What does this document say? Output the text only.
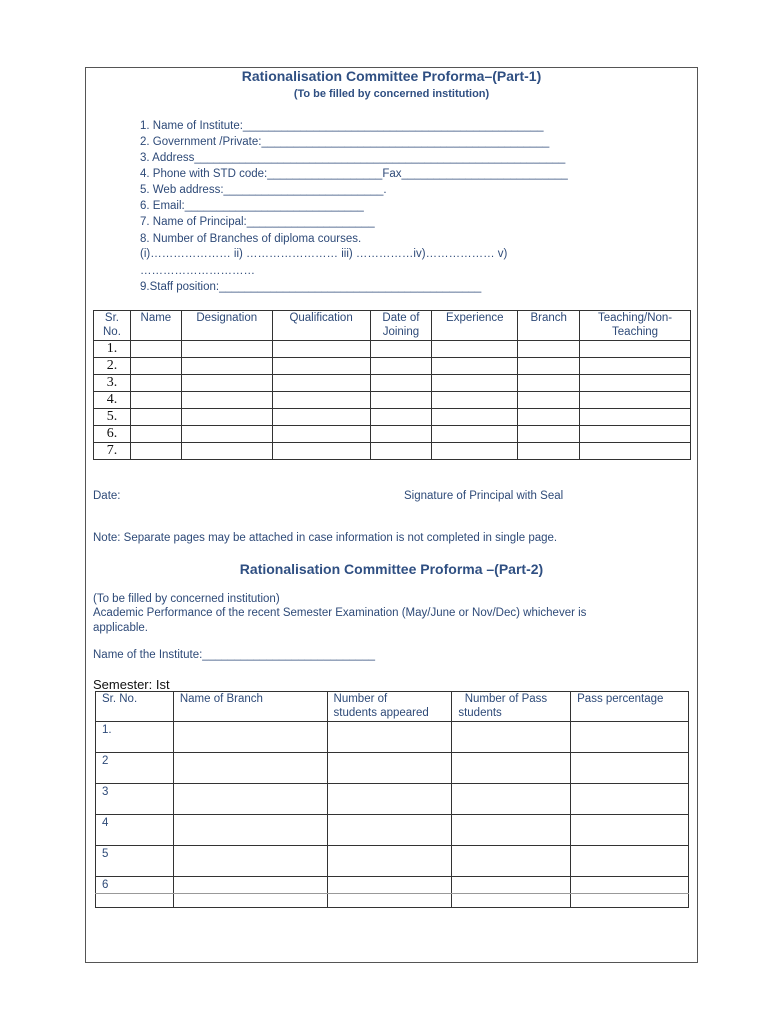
Rationalisation Committee Proforma–(Part-1)
(To be filled by concerned institution)
1. Name of Institute:_______________________________________________
2. Government /Private:_____________________________________________
3. Address__________________________________________________________
4. Phone with STD code:__________________Fax__________________________
5. Web address:_________________________.
6. Email:____________________________
7. Name of Principal:____________________
8. Number of Branches of diploma courses.
(i)………………… ii) …………………… iii) ……………iv)……………… v)
…………………………
9.Staff position:_________________________________________
Sr.
No.	Name	Designation	Qualification	Date of
Joining	Experience	Branch	Teaching/Non-
Teaching
1.							
2.							
3.							
4.							
5.							
6.							
7.							
Date:	Signature of Principal with Seal
Note: Separate pages may be attached in case information is not completed in single page.
Rationalisation Committee Proforma –(Part-2)
(To be filled by concerned institution)
Academic Performance of the recent Semester Examination (May/June or Nov/Dec) whichever is
applicable.
Name of the Institute:___________________________
Semester: Ist
Sr. No.	Name of Branch	Number of
students appeared	Number of Pass
students	Pass percentage
1.				
2				
3				
4				
5				
6				
